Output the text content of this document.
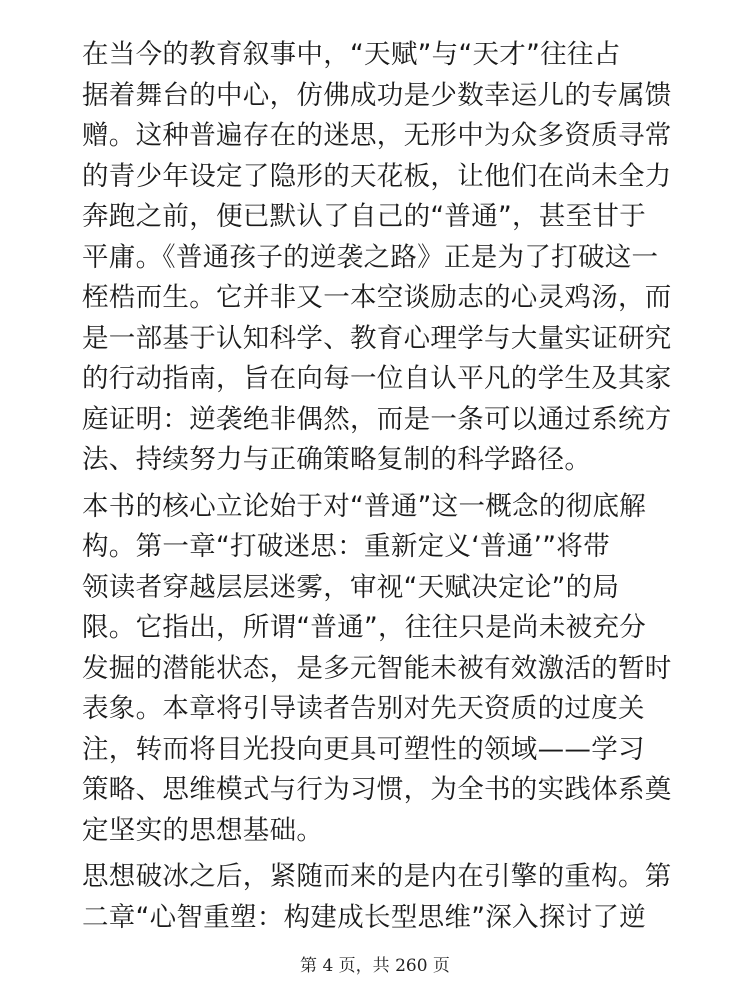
在当今的教育叙事中，“天赋”与“天才”往往占
据着舞台的中心，仿佛成功是少数幸运儿的专属馈
赠。这种普遍存在的迷思，无形中为众多资质寻常
的青少年设定了隐形的天花板，让他们在尚未全力
奔跑之前，便已默认了自己的“普通”，甚至甘于
平庸。《普通孩子的逆袭之路》正是为了打破这一
桎梏而生。它并非又一本空谈励志的心灵鸡汤，而
是一部基于认知科学、教育心理学与大量实证研究
的行动指南，旨在向每一位自认平凡的学生及其家
庭证明：逆袭绝非偶然，而是一条可以通过系统方
法、持续努力与正确策略复制的科学路径。

本书的核心立论始于对“普通”这一概念的彻底解
构。第一章“打破迷思：重新定义‘普通’”将带
领读者穿越层层迷雾，审视“天赋决定论”的局
限。它指出，所谓“普通”，往往只是尚未被充分
发掘的潜能状态，是多元智能未被有效激活的暂时
表象。本章将引导读者告别对先天资质的过度关
注，转而将目光投向更具可塑性的领域——学习
策略、思维模式与行为习惯，为全书的实践体系奠
定坚实的思想基础。

思想破冰之后，紧随而来的是内在引擎的重构。第
二章“心智重塑：构建成长型思维”深入探讨了逆

第 4 页，共 260 页
